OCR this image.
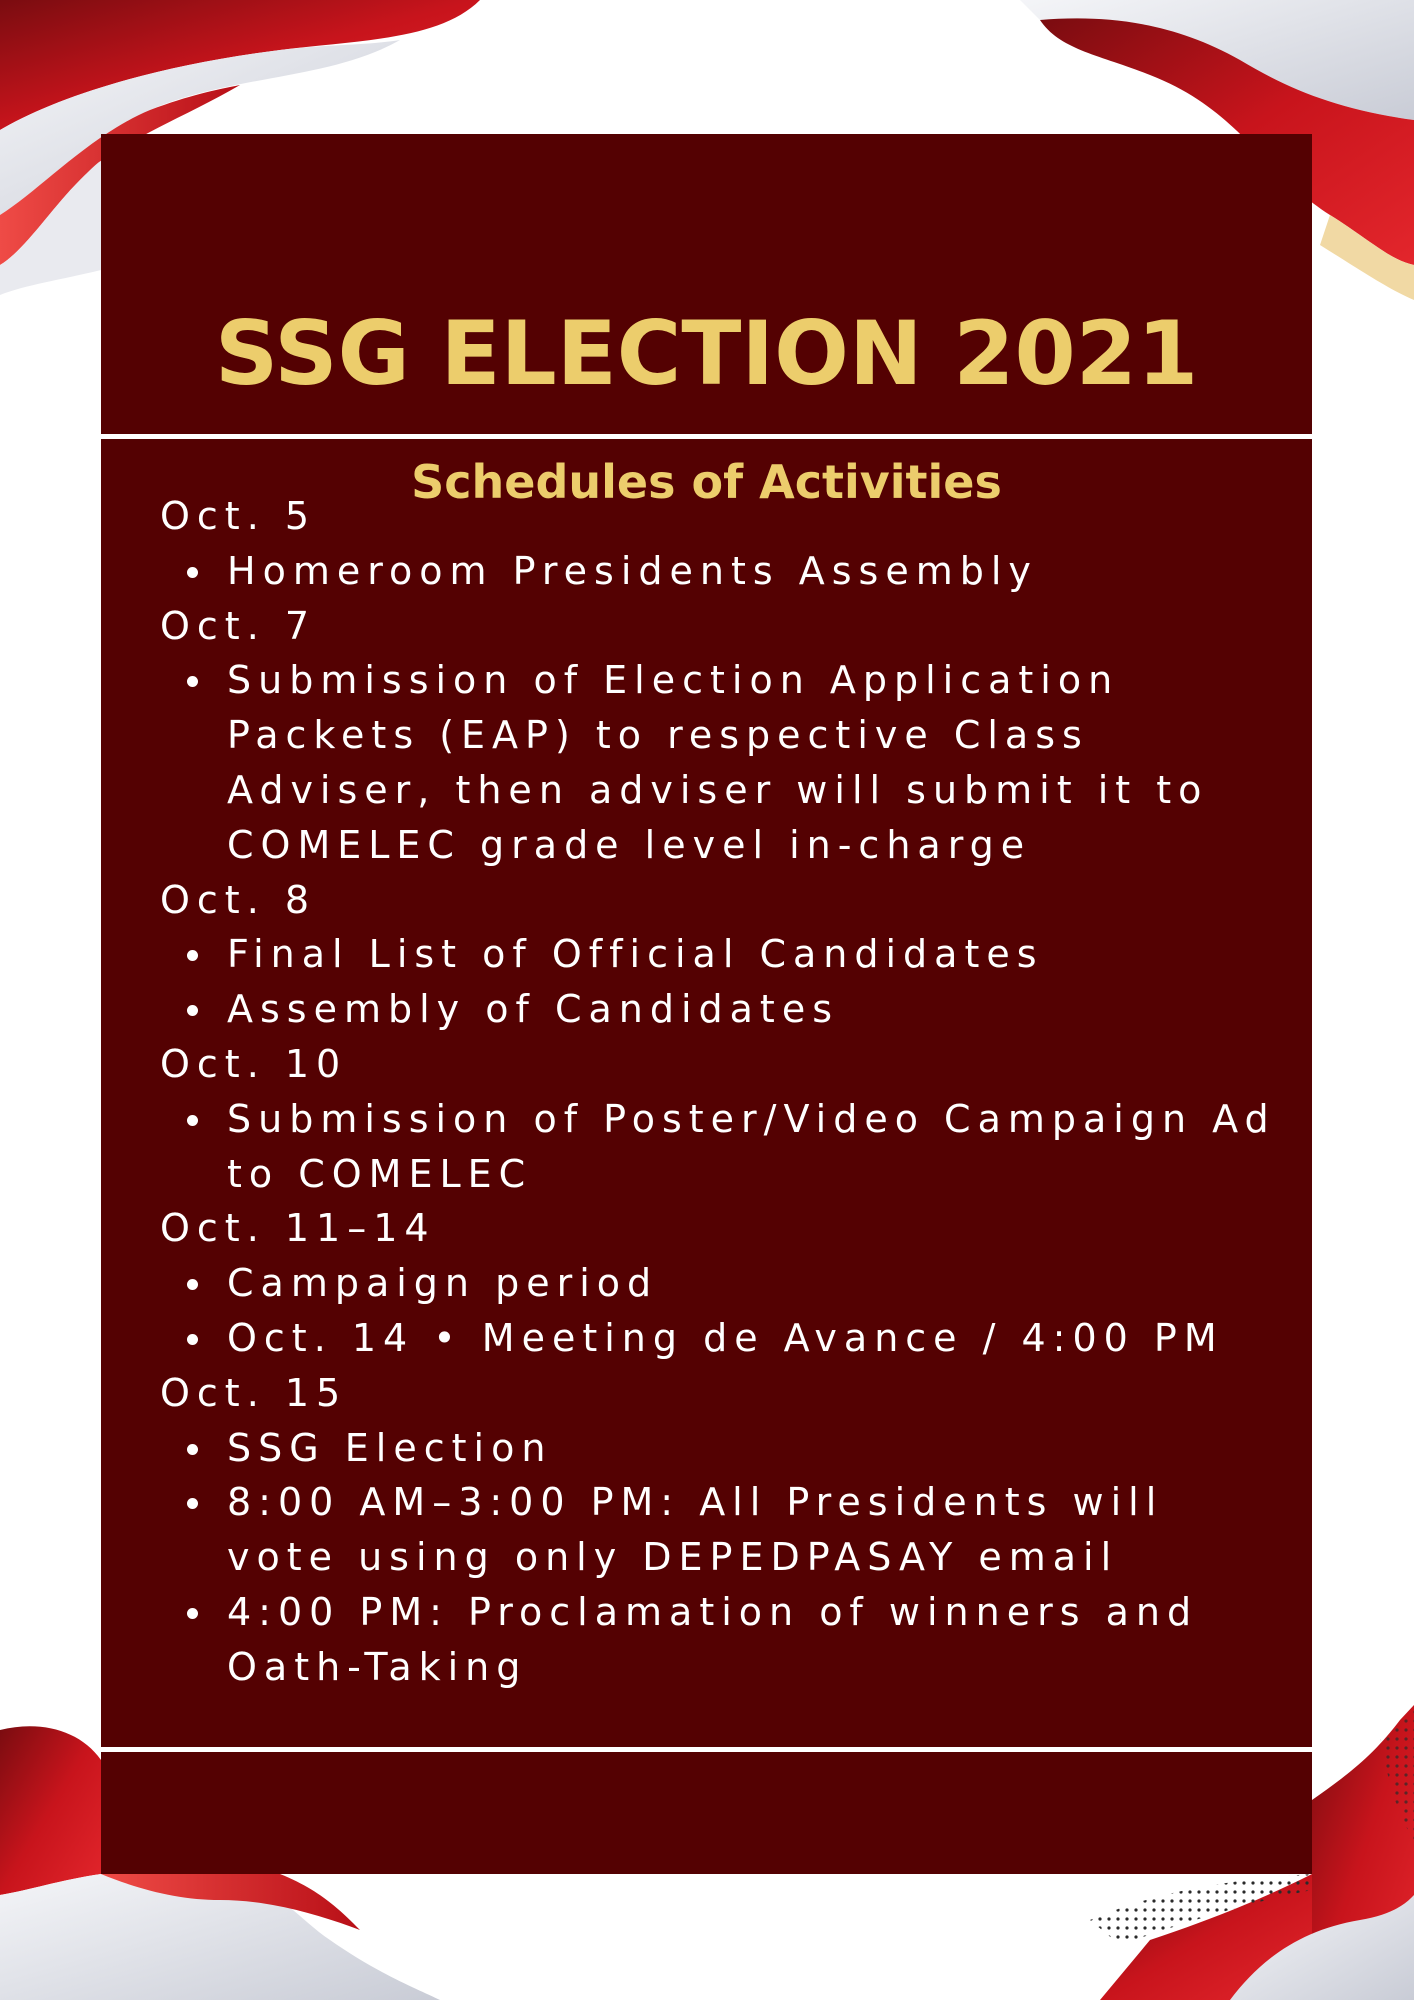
SSG ELECTION 2021
Schedules of Activities

Oct. 5

Homeroom Presidents Assembly

Oct. 7

Submission of Election Application Packets (EAP) to respective Class Adviser, then adviser will submit it to COMELEC grade level in-charge

Oct. 8

Final List of Official Candidates
Assembly of Candidates

Oct. 10

Submission of Poster/Video Campaign Ad to COMELEC

Oct. 11–14

Campaign period
Oct. 14 • Meeting de Avance / 4:00 PM

Oct. 15

SSG Election
8:00 AM–3:00 PM: All Presidents will vote using only DEPEDPASAY email
4:00 PM: Proclamation of winners and Oath-Taking
